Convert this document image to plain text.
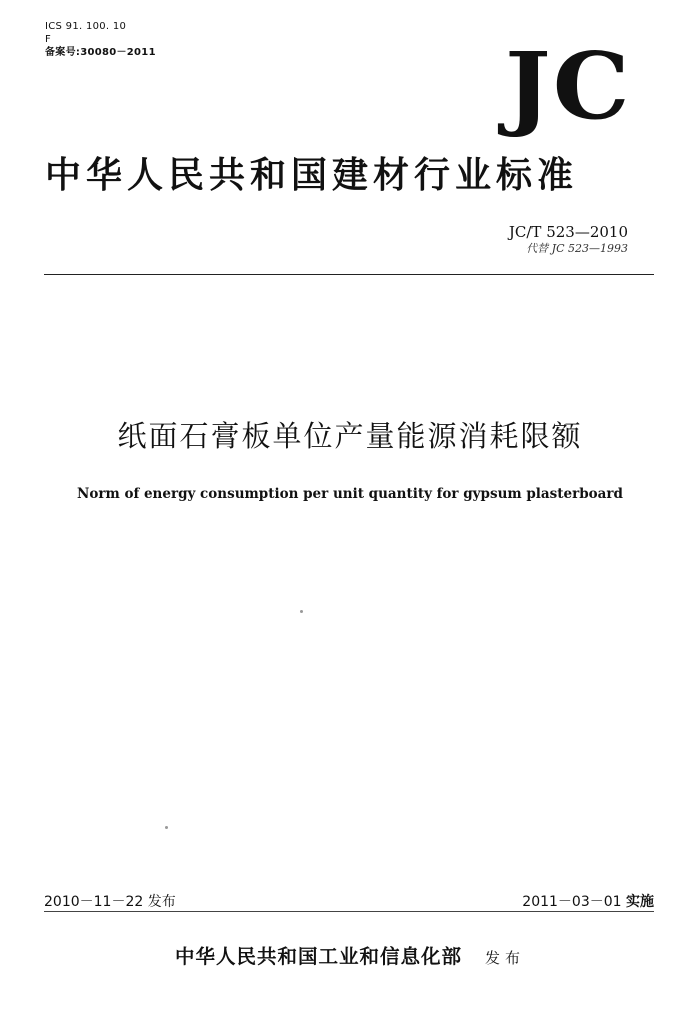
ICS 91. 100. 10
F
备案号:30080－2011	JC
中华人民共和国建材行业标准
JC/T 523—2010
代替 JC 523—1993
纸面石膏板单位产量能源消耗限额
Norm of energy consumption per unit quantity for gypsum plasterboard
2010－11－22 发布	2011－03－01 实施
中华人民共和国工业和信息化部 发布
